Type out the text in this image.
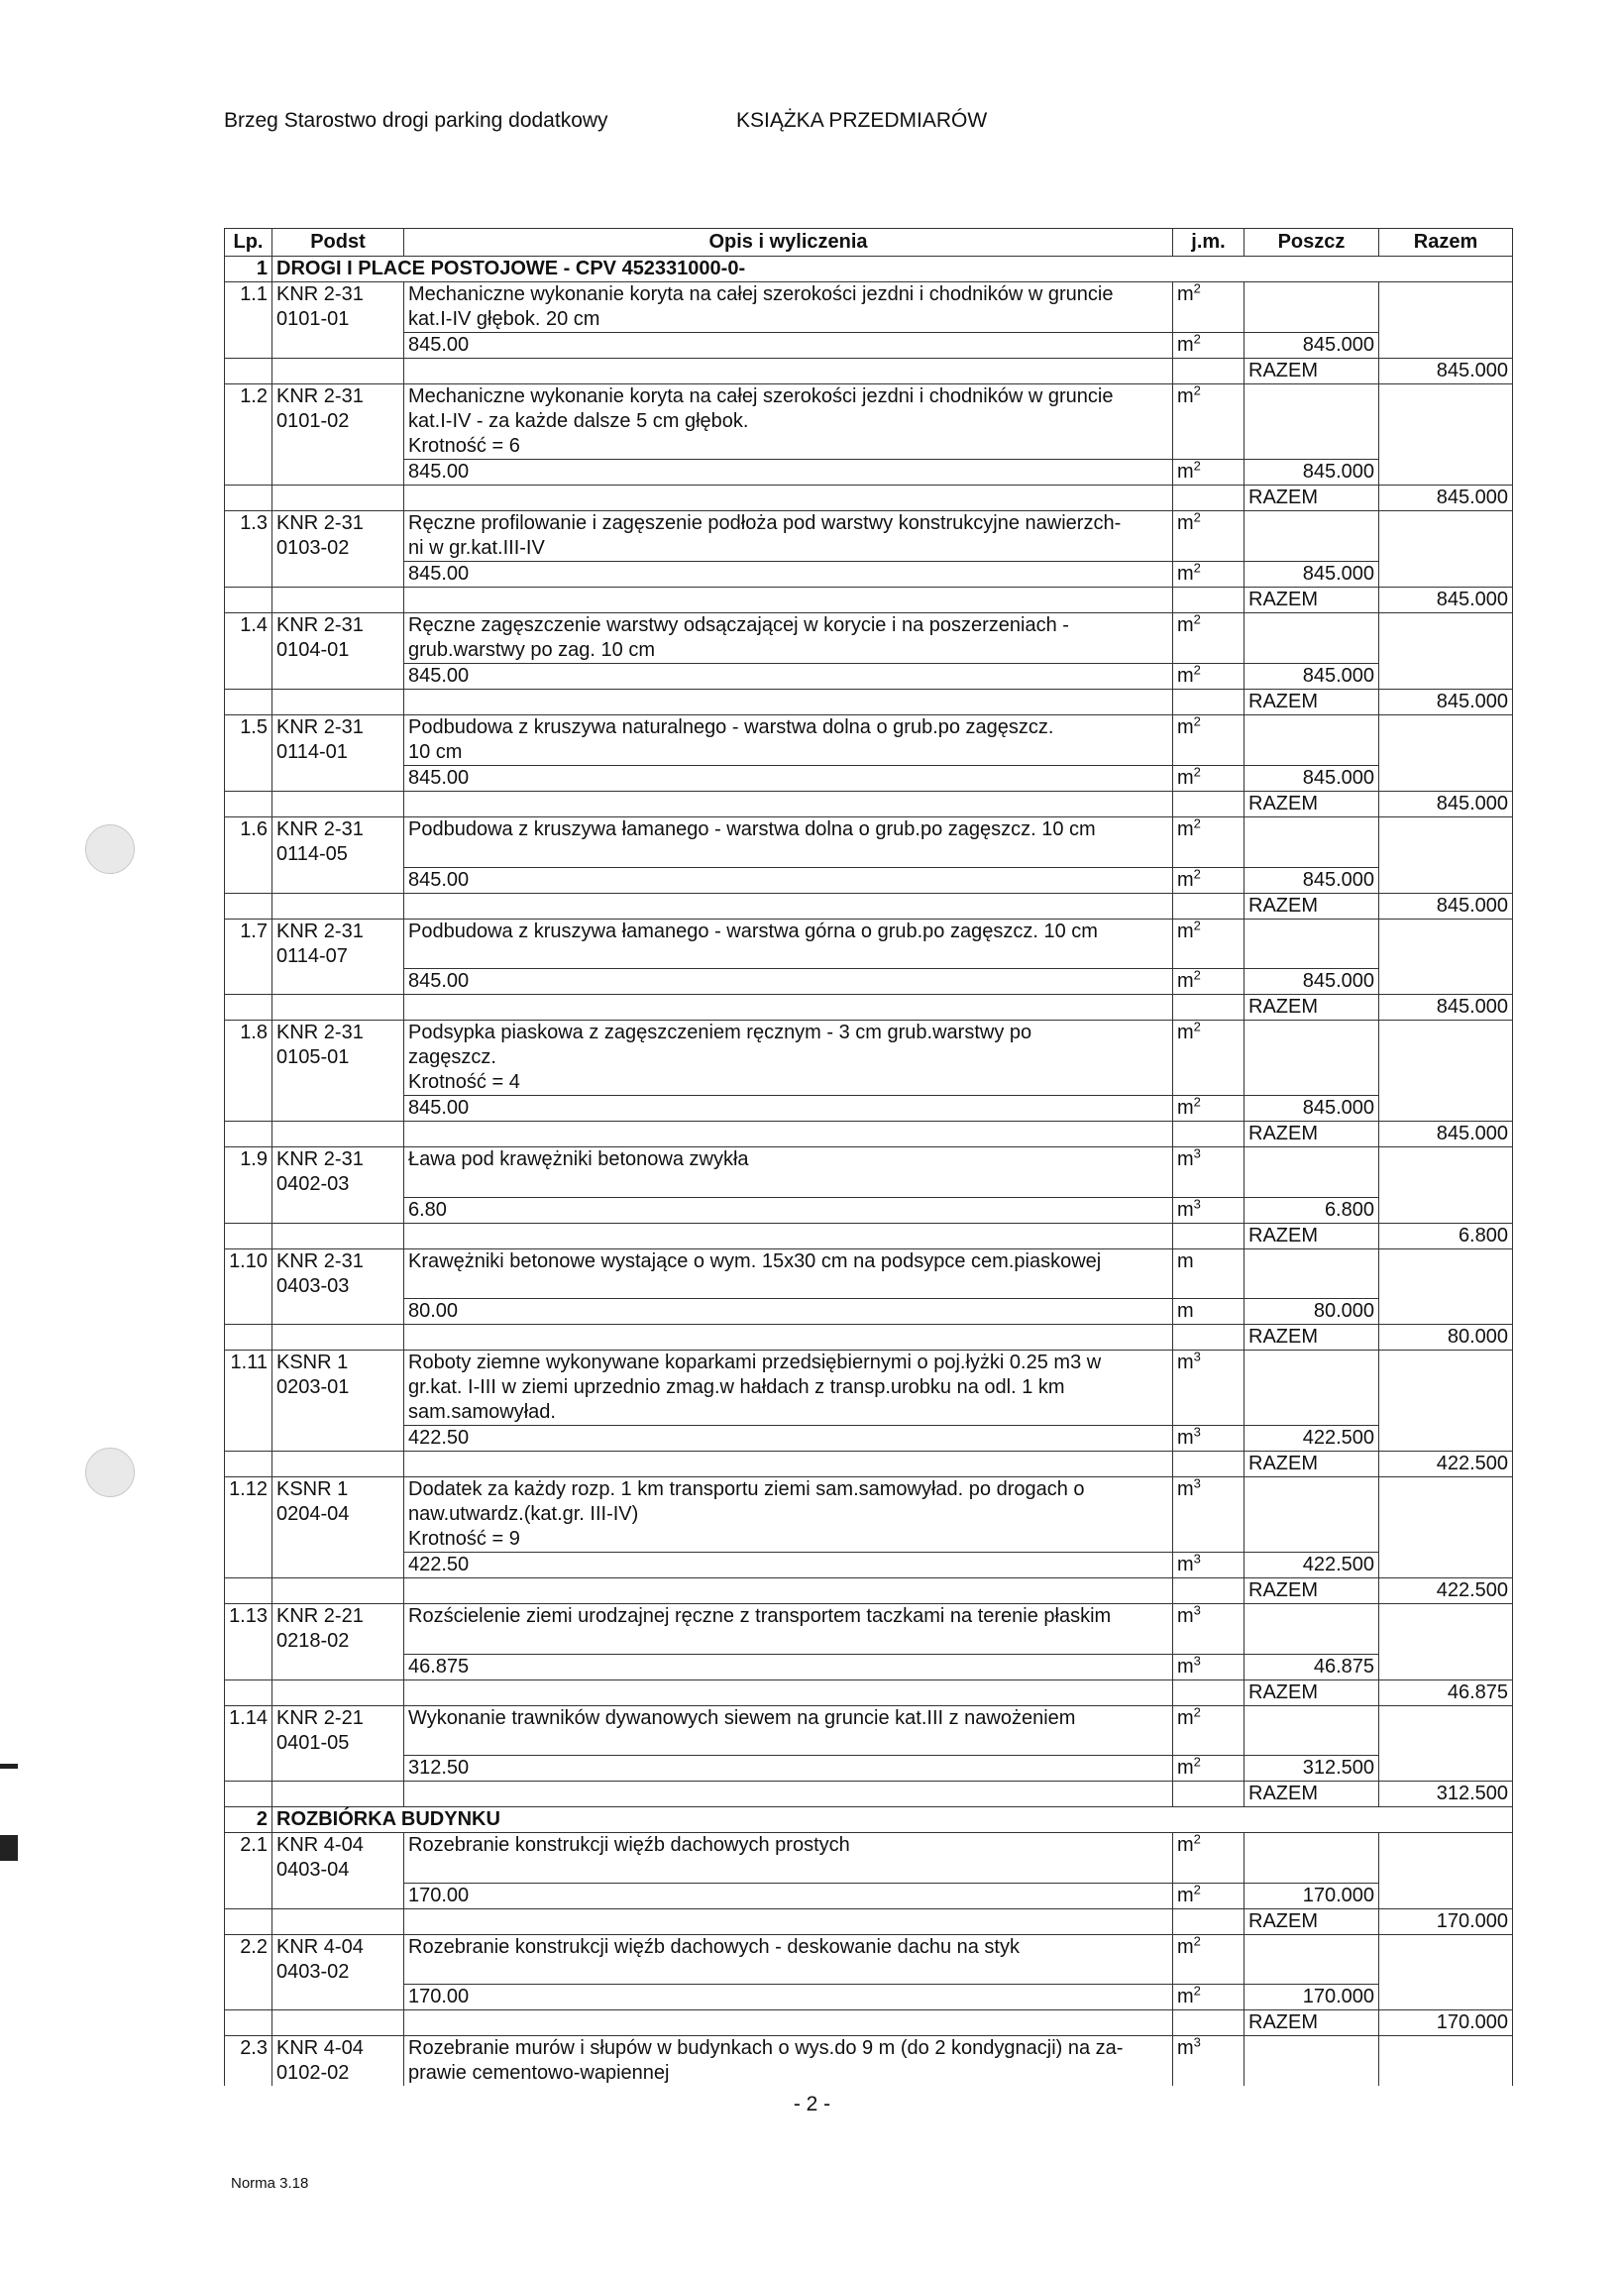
Brzeg Starostwo drogi parking dodatkowy	KSIĄŻKA PRZEDMIARÓW
Lp.	Podst	Opis i wyliczenia	j.m.	Poszcz	Razem
1	DROGI I PLACE POSTOJOWE - CPV 452331000-0-				
1.1	KNR 2-31	Mechaniczne wykonanie koryta na całej szerokości jezdni i chodników w gruncie	$m^2$		
	0101-01	kat.I-IV głębok. 20 cm			
		845.00	$m^2$	845.000	
				RAZEM	845.000
1.2	KNR 2-31	Mechaniczne wykonanie koryta na całej szerokości jezdni i chodników w gruncie	$m^2$		
	0101-02	kat.I-IV - za każde dalsze 5 cm głębok.			
		Krotność = 6			
		845.00	$m^2$	845.000	
				RAZEM	845.000
1.3	KNR 2-31	Ręczne profilowanie i zagęszenie podłoża pod warstwy konstrukcyjne nawierzch-	$m^2$		
	0103-02	ni w gr.kat.III-IV			
		845.00	$m^2$	845.000	
				RAZEM	845.000
1.4	KNR 2-31	Ręczne zagęszczenie warstwy odsączającej w korycie i na poszerzeniach -	$m^2$		
	0104-01	grub.warstwy po zag. 10 cm			
		845.00	$m^2$	845.000	
				RAZEM	845.000
1.5	KNR 2-31	Podbudowa z kruszywa naturalnego - warstwa dolna o grub.po zagęszcz.	$m^2$		
	0114-01	10 cm			
		845.00	$m^2$	845.000	
				RAZEM	845.000
1.6	KNR 2-31	Podbudowa z kruszywa łamanego - warstwa dolna o grub.po zagęszcz. 10 cm	$m^2$		
	0114-05				
		845.00	$m^2$	845.000	
				RAZEM	845.000
1.7	KNR 2-31	Podbudowa z kruszywa łamanego - warstwa górna o grub.po zagęszcz. 10 cm	$m^2$		
	0114-07				
		845.00	$m^2$	845.000	
				RAZEM	845.000
1.8	KNR 2-31	Podsypka piaskowa z zagęszczeniem ręcznym - 3 cm grub.warstwy po	$m^2$		
	0105-01	zagęszcz.			
		Krotność = 4			
		845.00	$m^2$	845.000	
				RAZEM	845.000
1.9	KNR 2-31	Ława pod krawężniki betonowa zwykła	$m^3$		
	0402-03				
		6.80	$m^3$	6.800	
				RAZEM	6.800
1.10	KNR 2-31	Krawężniki betonowe wystające o wym. 15x30 cm na podsypce cem.piaskowej	m		
	0403-03				
		80.00	m	80.000	
				RAZEM	80.000
1.11	KSNR 1	Roboty ziemne wykonywane koparkami przedsiębiernymi o poj.łyżki 0.25 m3 w	$m^3$		
	0203-01	gr.kat. I-III w ziemi uprzednio zmag.w hałdach z transp.urobku na odl. 1 km			
		sam.samowyład.			
		422.50	$m^3$	422.500	
				RAZEM	422.500
1.12	KSNR 1	Dodatek za każdy rozp. 1 km transportu ziemi sam.samowyład. po drogach o	$m^3$		
	0204-04	naw.utwardz.(kat.gr. III-IV)			
		Krotność = 9			
		422.50	$m^3$	422.500	
				RAZEM	422.500
1.13	KNR 2-21	Rozścielenie ziemi urodzajnej ręczne z transportem taczkami na terenie płaskim	$m^3$		
	0218-02				
		46.875	$m^3$	46.875	
				RAZEM	46.875
1.14	KNR 2-21	Wykonanie trawników dywanowych siewem na gruncie kat.III z nawożeniem	$m^2$		
	0401-05				
		312.50	$m^2$	312.500	
				RAZEM	312.500
2	ROZBIÓRKA BUDYNKU				
2.1	KNR 4-04	Rozebranie konstrukcji więźb dachowych prostych	$m^2$		
	0403-04				
		170.00	$m^2$	170.000	
				RAZEM	170.000
2.2	KNR 4-04	Rozebranie konstrukcji więźb dachowych - deskowanie dachu na styk	$m^2$		
	0403-02				
		170.00	$m^2$	170.000	
				RAZEM	170.000
2.3	KNR 4-04	Rozebranie murów i słupów w budynkach o wys.do 9 m (do 2 kondygnacji) na za-	$m^3$		
	0102-02	prawie cementowo-wapiennej			
- 2 -
Norma 3.18
